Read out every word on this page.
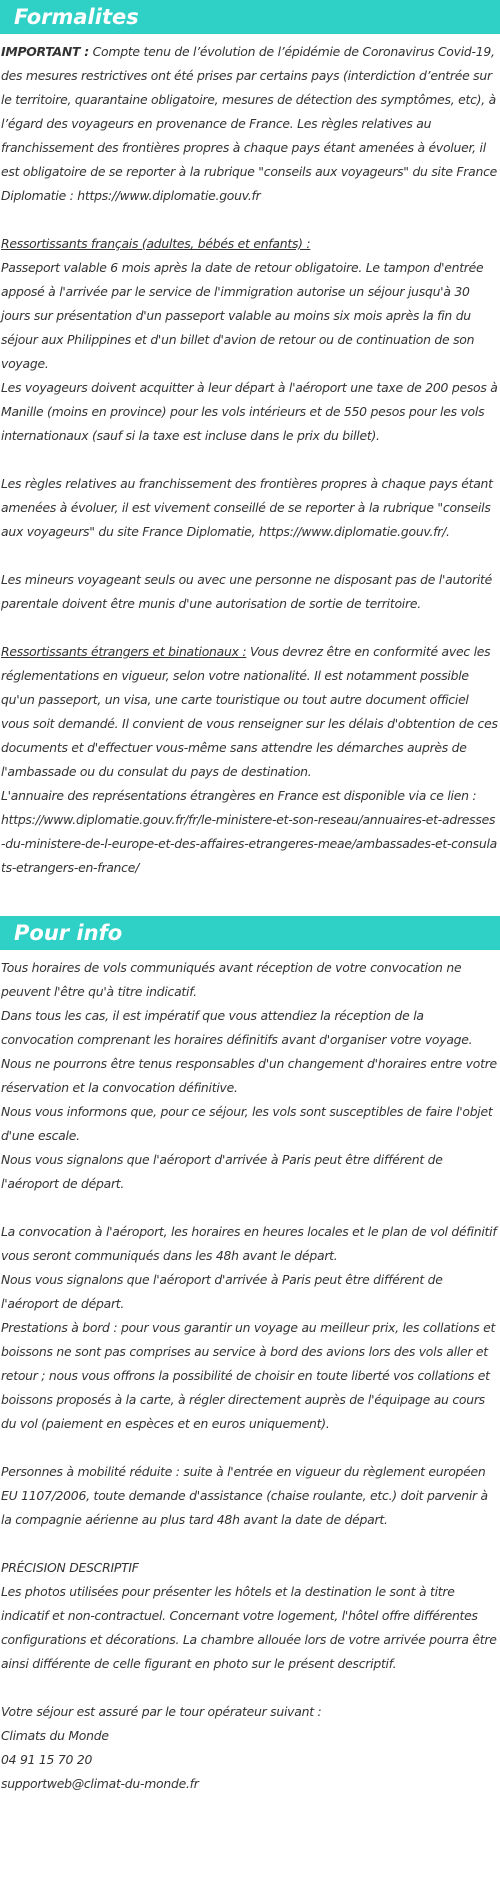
Formalites

IMPORTANT : Compte tenu de l’évolution de l’épidémie de Coronavirus Covid-19, des mesures restrictives ont été prises par certains pays (interdiction d’entrée sur le territoire, quarantaine obligatoire, mesures de détection des symptômes, etc), à l’égard des voyageurs en provenance de France. Les règles relatives au franchissement des frontières propres à chaque pays étant amenées à évoluer, il est obligatoire de se reporter à la rubrique "conseils aux voyageurs" du site France Diplomatie : https://www.diplomatie.gouv.fr

Ressortissants français (adultes, bébés et enfants) :

Passeport valable 6 mois après la date de retour obligatoire. Le tampon d'entrée apposé à l'arrivée par le service de l'immigration autorise un séjour jusqu'à 30 jours sur présentation d'un passeport valable au moins six mois après la fin du séjour aux Philippines et d'un billet d'avion de retour ou de continuation de son voyage.

Les voyageurs doivent acquitter à leur départ à l'aéroport une taxe de 200 pesos à Manille (moins en province) pour les vols intérieurs et de 550 pesos pour les vols internationaux (sauf si la taxe est incluse dans le prix du billet).

Les règles relatives au franchissement des frontières propres à chaque pays étant amenées à évoluer, il est vivement conseillé de se reporter à la rubrique "conseils aux voyageurs" du site France Diplomatie, https://www.diplomatie.gouv.fr/.

Les mineurs voyageant seuls ou avec une personne ne disposant pas de l'autorité parentale doivent être munis d'une autorisation de sortie de territoire.

Ressortissants étrangers et binationaux : Vous devrez être en conformité avec les réglementations en vigueur, selon votre nationalité. Il est notamment possible qu'un passeport, un visa, une carte touristique ou tout autre document officiel vous soit demandé. Il convient de vous renseigner sur les délais d'obtention de ces documents et d'effectuer vous-même sans attendre les démarches auprès de l'ambassade ou du consulat du pays de destination.

L'annuaire des représentations étrangères en France est disponible via ce lien :

https://www.diplomatie.gouv.fr/fr/le-ministere-et-son-reseau/annuaires-et-adresses-du-ministere-de-l-europe-et-des-affaires-etrangeres-meae/ambassades-et-consulats-etrangers-en-france/

Pour info

Tous horaires de vols communiqués avant réception de votre convocation ne peuvent l'être qu'à titre indicatif.

Dans tous les cas, il est impératif que vous attendiez la réception de la convocation comprenant les horaires définitifs avant d'organiser votre voyage.

Nous ne pourrons être tenus responsables d'un changement d'horaires entre votre réservation et la convocation définitive.

Nous vous informons que, pour ce séjour, les vols sont susceptibles de faire l'objet d'une escale.

Nous vous signalons que l'aéroport d'arrivée à Paris peut être différent de l'aéroport de départ.

La convocation à l'aéroport, les horaires en heures locales et le plan de vol définitif vous seront communiqués dans les 48h avant le départ.

Nous vous signalons que l'aéroport d'arrivée à Paris peut être différent de l'aéroport de départ.

Prestations à bord : pour vous garantir un voyage au meilleur prix, les collations et boissons ne sont pas comprises au service à bord des avions lors des vols aller et retour ; nous vous offrons la possibilité de choisir en toute liberté vos collations et boissons proposés à la carte, à régler directement auprès de l'équipage au cours du vol (paiement en espèces et en euros uniquement).

Personnes à mobilité réduite : suite à l'entrée en vigueur du règlement européen EU 1107/2006, toute demande d'assistance (chaise roulante, etc.) doit parvenir à la compagnie aérienne au plus tard 48h avant la date de départ.

PRÉCISION DESCRIPTIF

Les photos utilisées pour présenter les hôtels et la destination le sont à titre indicatif et non-contractuel. Concernant votre logement, l'hôtel offre différentes configurations et décorations. La chambre allouée lors de votre arrivée pourra être ainsi différente de celle figurant en photo sur le présent descriptif.

Votre séjour est assuré par le tour opérateur suivant :

Climats du Monde

04 91 15 70 20

supportweb@climat-du-monde.fr
